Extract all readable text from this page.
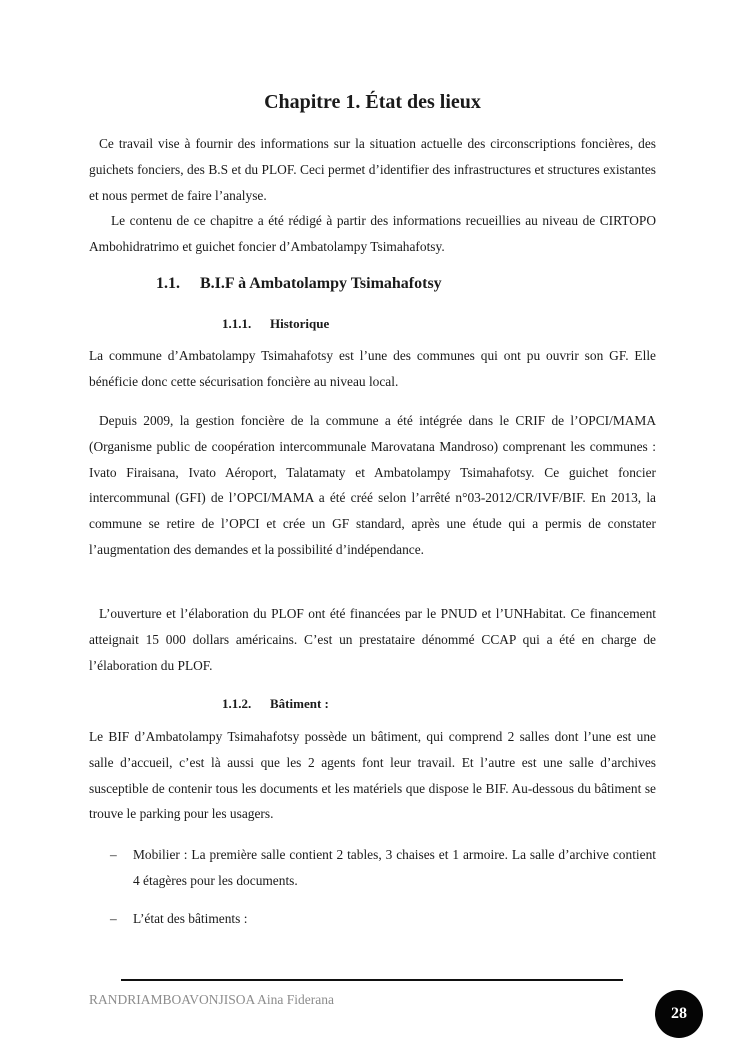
Chapitre 1. État des lieux

Ce travail vise à fournir des informations sur la situation actuelle des circonscriptions foncières, des guichets fonciers, des B.S et du PLOF. Ceci permet d’identifier des infrastructures et structures existantes et nous permet de faire l’analyse.

Le contenu de ce chapitre a été rédigé à partir des informations recueillies au niveau de CIRTOPO Ambohidratrimo et guichet foncier d’Ambatolampy Tsimahafotsy.

1.1. B.I.F à Ambatolampy Tsimahafotsy
1.1.1. Historique

La commune d’Ambatolampy Tsimahafotsy est l’une des communes qui ont pu ouvrir son GF. Elle bénéficie donc cette sécurisation foncière au niveau local.

Depuis 2009, la gestion foncière de la commune a été intégrée dans le CRIF de l’OPCI/MAMA (Organisme public de coopération intercommunale Marovatana Mandroso) comprenant les communes : Ivato Firaisana, Ivato Aéroport, Talatamaty et Ambatolampy Tsimahafotsy. Ce guichet foncier intercommunal (GFI) de l’OPCI/MAMA a été créé selon l’arrêté n°03-2012/CR/IVF/BIF. En 2013, la commune se retire de l’OPCI et crée un GF standard, après une étude qui a permis de constater l’augmentation des demandes et la possibilité d’indépendance.

L’ouverture et l’élaboration du PLOF ont été financées par le PNUD et l’UNHabitat. Ce financement atteignait 15 000 dollars américains. C’est un prestataire dénommé CCAP qui a été en charge de l’élaboration du PLOF.

1.1.2. Bâtiment :

Le BIF d’Ambatolampy Tsimahafotsy possède un bâtiment, qui comprend 2 salles dont l’une est une salle d’accueil, c’est là aussi que les 2 agents font leur travail. Et l’autre est une salle d’archives susceptible de contenir tous les documents et les matériels que dispose le BIF. Au-dessous du bâtiment se trouve le parking pour les usagers.

– Mobilier : La première salle contient 2 tables, 3 chaises et 1 armoire. La salle d’archive contient 4 étagères pour les documents.

– L’état des bâtiments :

RANDRIAMBOAVONJISOA Aina Fiderana

28
